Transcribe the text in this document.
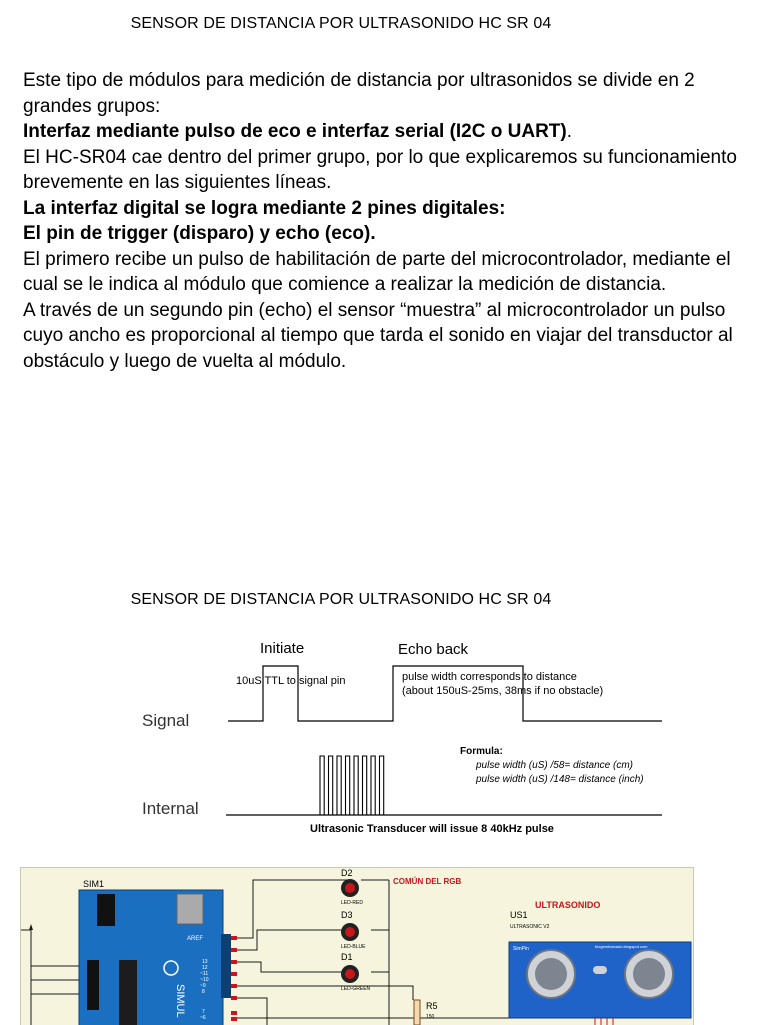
SENSOR DE DISTANCIA POR ULTRASONIDO HC SR 04

Este tipo de módulos para medición de distancia por ultrasonidos se divide en 2 grandes grupos:

Interfaz mediante pulso de eco e interfaz serial (I2C o UART).

El HC-SR04 cae dentro del primer grupo, por lo que explicaremos su funcionamiento brevemente en las siguientes líneas.

La interfaz digital se logra mediante 2 pines digitales:

El pin de trigger (disparo) y echo (eco).

El primero recibe un pulso de habilitación de parte del microcontrolador, mediante el cual se le indica al módulo que comience a realizar la medición de distancia.

A través de un segundo pin (echo) el sensor “muestra” al microcontrolador un pulso cuyo ancho es proporcional al tiempo que tarda el sonido en viajar del transductor al obstáculo y luego de vuelta al módulo.

SENSOR DE DISTANCIA POR ULTRASONIDO HC SR 04
Initiate	Echo back
10uS TTL to signal pin	pulse width corresponds to distance
(about 150uS-25ms, 38ms if no obstacle)
Signal
Internal
Formula:
pulse width (uS) /58= distance (cm)
pulse width (uS) /148= distance (inch)
Ultrasonic Transducer will issue 8 40kHz pulse
SIM1
AREF
13
12
~11
~10
~9
8
7
~6
SIMUL
D2
LED-RED
D3
LED-BLUE
D1
LED-GREEN
COMÚN DEL RGB
R5
150
ULTRASONIDO
US1
ULTRASONIC V2
SimPin	blogembarcado.blogspot.com
